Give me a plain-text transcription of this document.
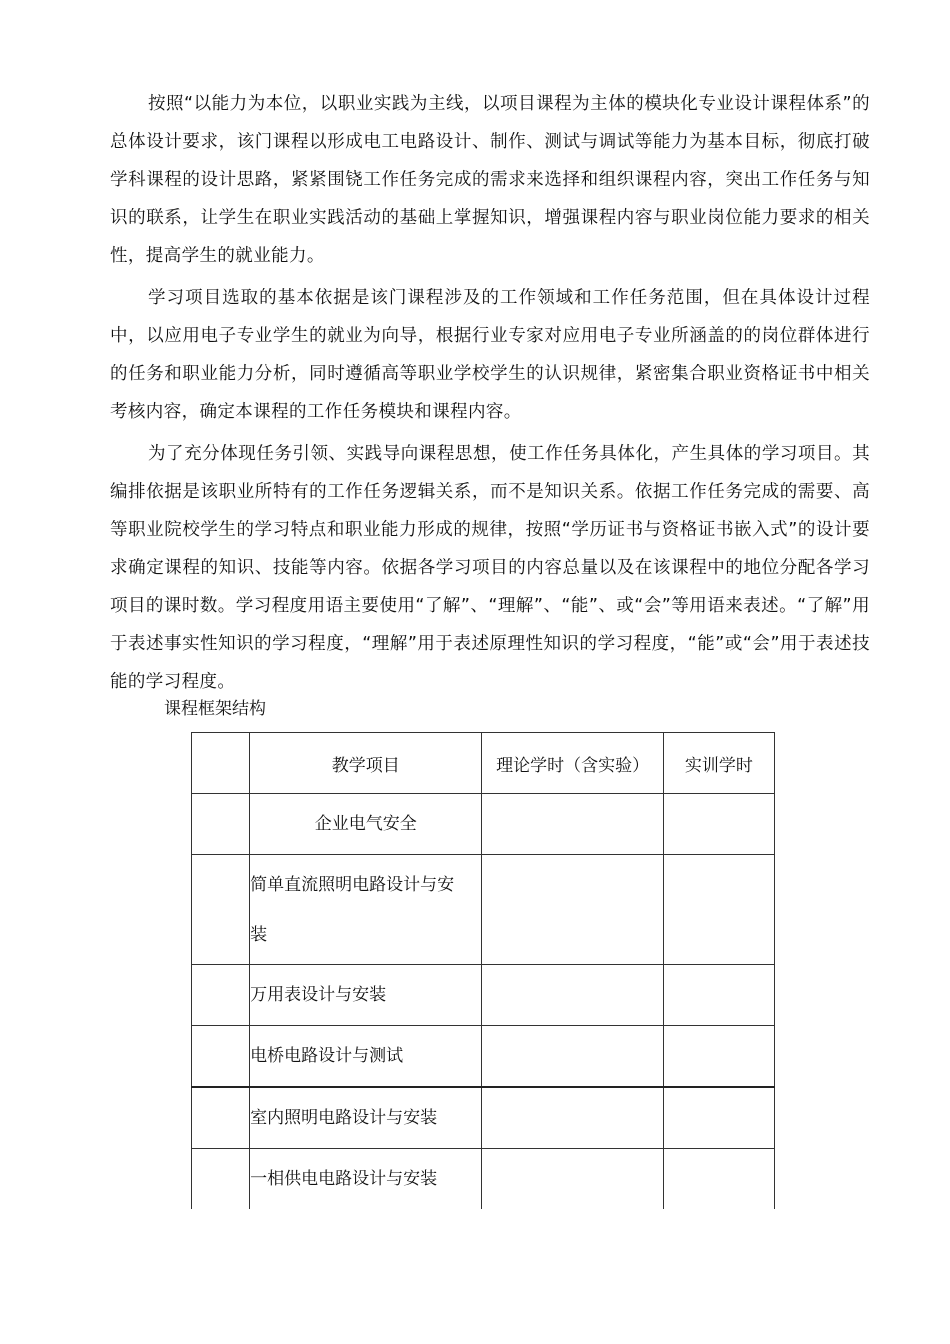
按照“以能力为本位，以职业实践为主线，以项目课程为主体的模块化专业设计课程体系”的总体设计要求，该门课程以形成电工电路设计、制作、测试与调试等能力为基本目标，彻底打破学科课程的设计思路，紧紧围铙工作任务完成的需求来选择和组织课程内容，突出工作任务与知识的联系，让学生在职业实践活动的基础上掌握知识，增强课程内容与职业岗位能力要求的相关性，提高学生的就业能力。

学习项目选取的基本依据是该门课程涉及的工作领域和工作任务范围，但在具体设计过程中，以应用电子专业学生的就业为向导，根据行业专家对应用电子专业所涵盖的的岗位群体进行的任务和职业能力分析，同时遵循高等职业学校学生的认识规律，紧密集合职业资格证书中相关考核内容，确定本课程的工作任务模块和课程内容。

为了充分体现任务引领、实践导向课程思想，使工作任务具体化，产生具体的学习项目。其编排依据是该职业所特有的工作任务逻辑关系，而不是知识关系。依据工作任务完成的需要、高等职业院校学生的学习特点和职业能力形成的规律，按照“学历证书与资格证书嵌入式”的设计要求确定课程的知识、技能等内容。依据各学习项目的内容总量以及在该课程中的地位分配各学习项目的课时数。学习程度用语主要使用“了解”、“理解”、“能”、或“会”等用语来表述。“了解”用于表述事实性知识的学习程度，“理解”用于表述原理性知识的学习程度，“能”或“会”用于表述技能的学习程度。

课程框架结构

	教学项目	理论学时（含实验）	实训学时
	企业电气安全		
	简单直流照明电路设计与安装		
	万用表设计与安装		
	电桥电路设计与测试		
	室内照明电路设计与安装		
	一相供电电路设计与安装		
